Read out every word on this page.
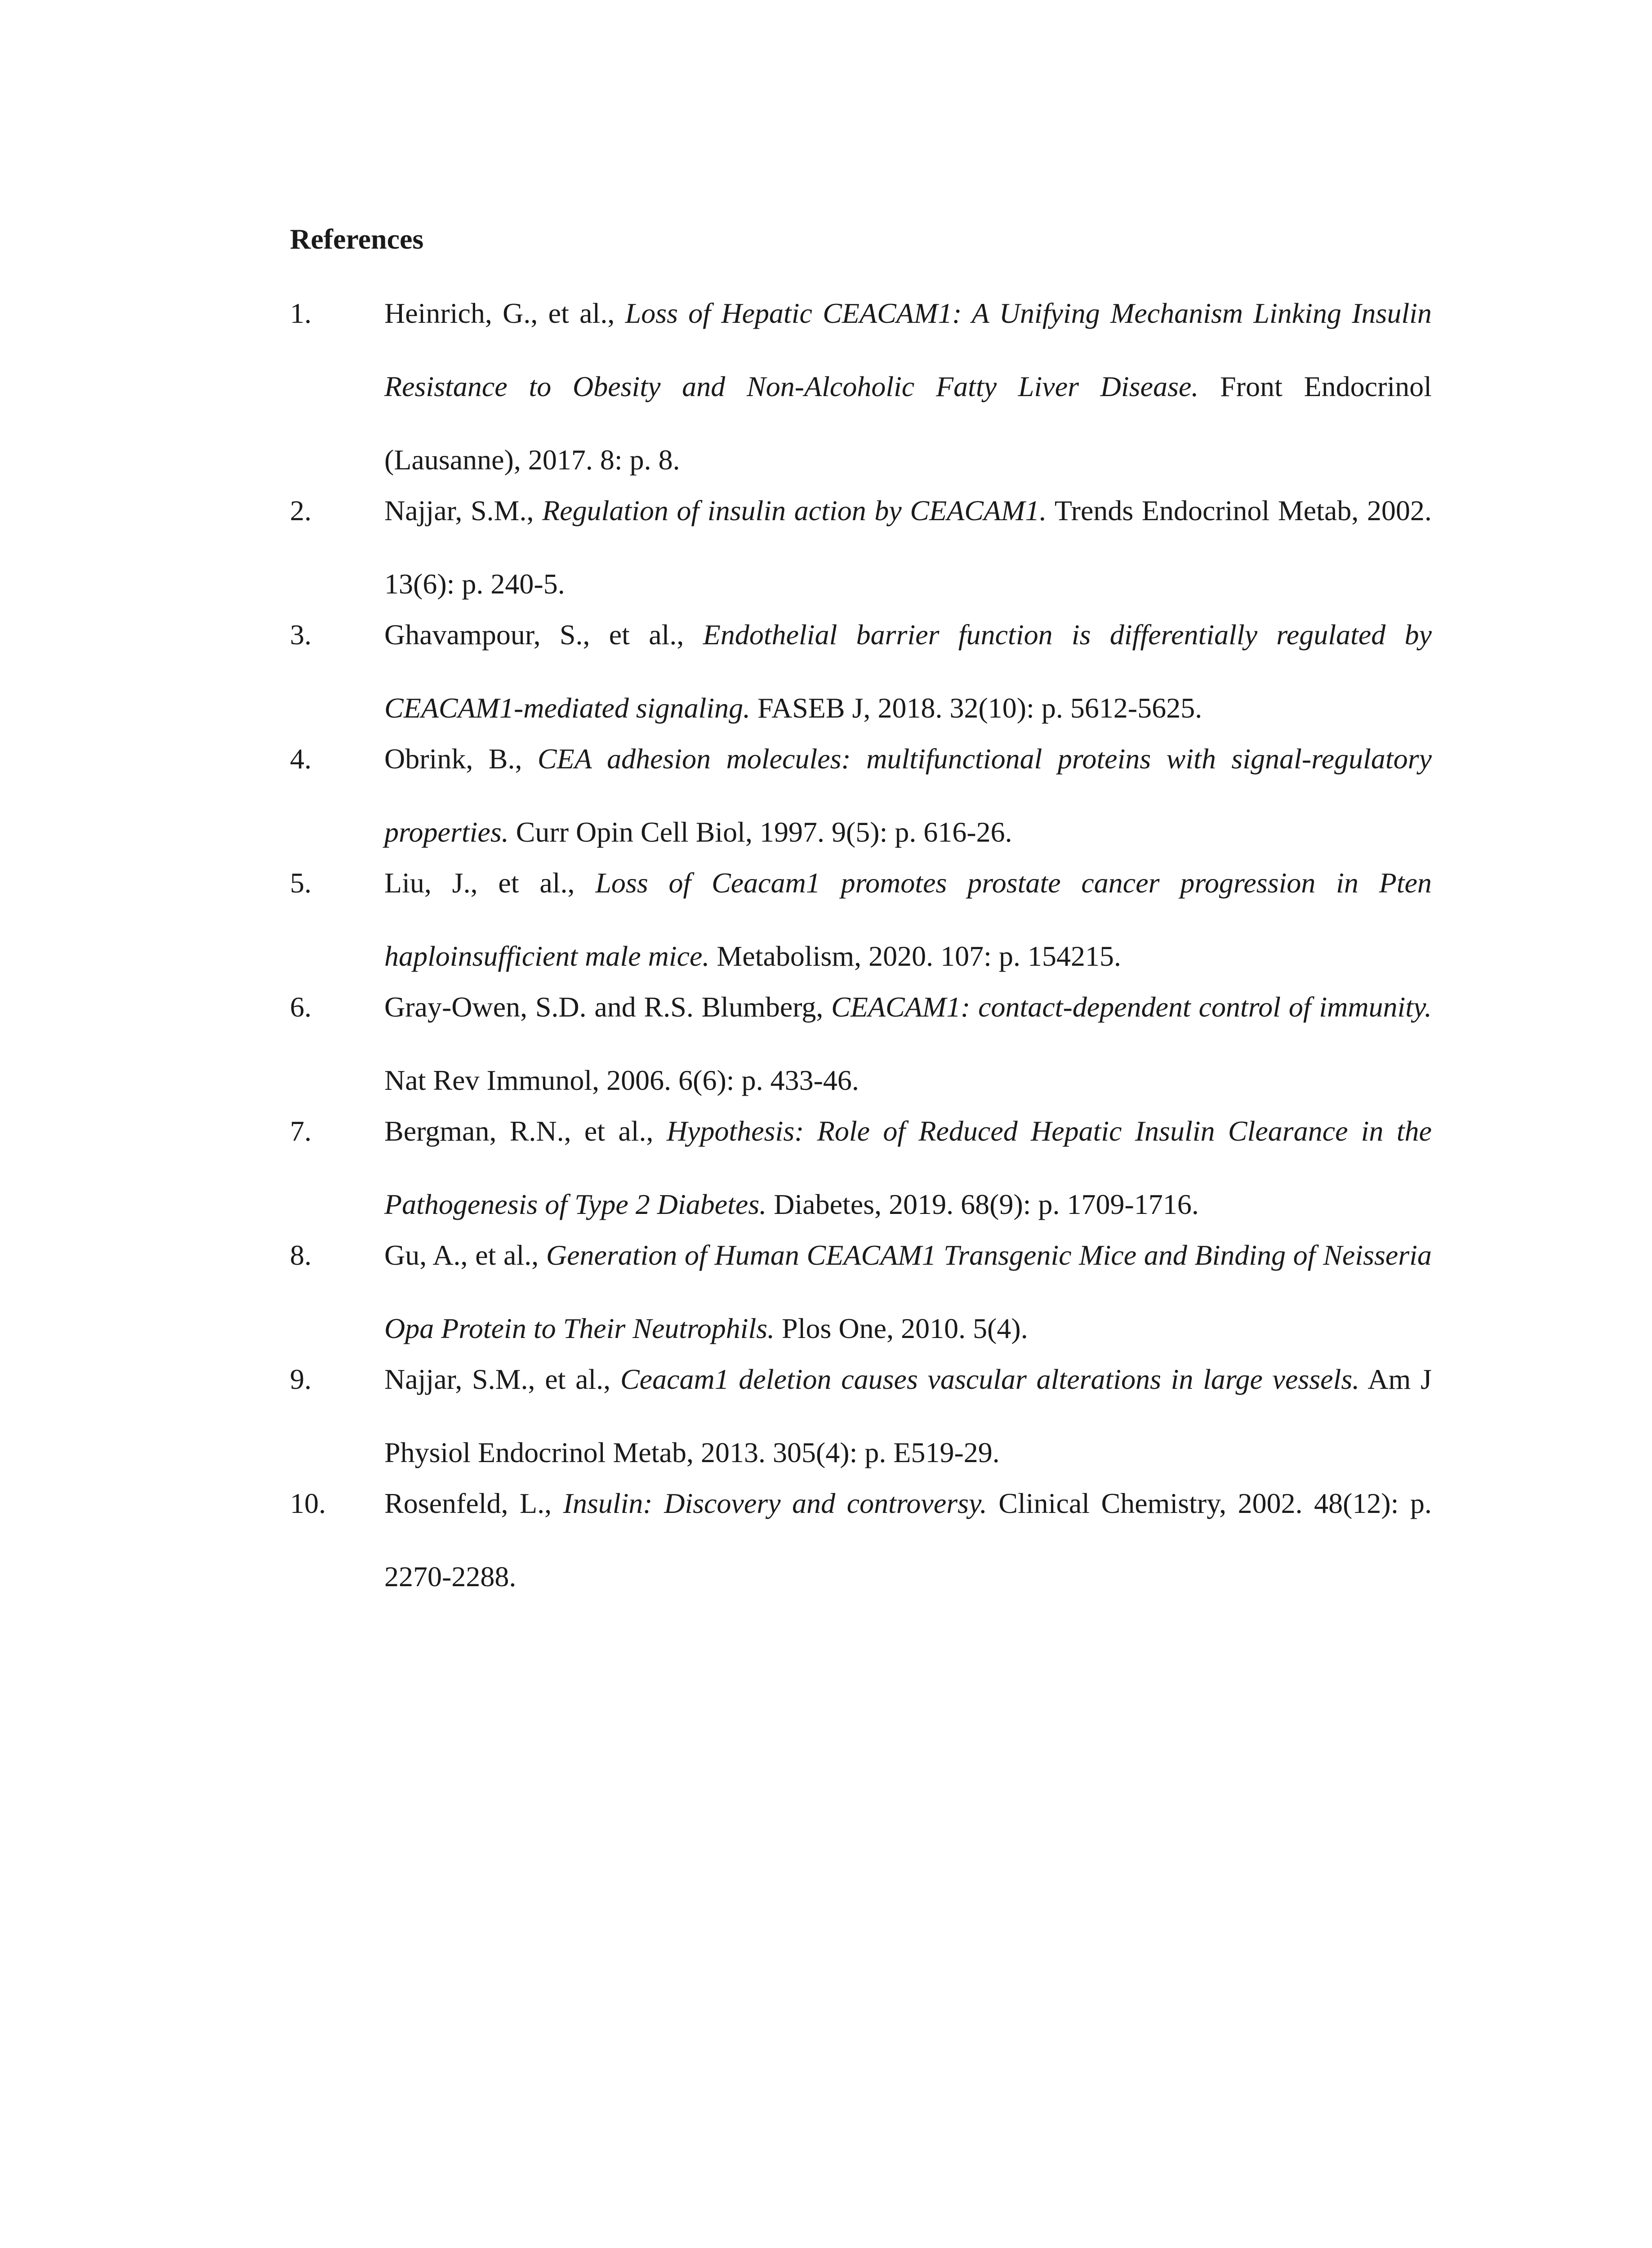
References
1.	Heinrich, G., et al., Loss of Hepatic CEACAM1: A Unifying Mechanism Linking Insulin Resistance to Obesity and Non-Alcoholic Fatty Liver Disease. Front Endocrinol (Lausanne), 2017. 8: p. 8.
2.	Najjar, S.M., Regulation of insulin action by CEACAM1. Trends Endocrinol Metab, 2002. 13(6): p. 240-5.
3.	Ghavampour, S., et al., Endothelial barrier function is differentially regulated by CEACAM1-mediated signaling. FASEB J, 2018. 32(10): p. 5612-5625.
4.	Obrink, B., CEA adhesion molecules: multifunctional proteins with signal-regulatory properties. Curr Opin Cell Biol, 1997. 9(5): p. 616-26.
5.	Liu, J., et al., Loss of Ceacam1 promotes prostate cancer progression in Pten haploinsufficient male mice. Metabolism, 2020. 107: p. 154215.
6.	Gray-Owen, S.D. and R.S. Blumberg, CEACAM1: contact-dependent control of immunity. Nat Rev Immunol, 2006. 6(6): p. 433-46.
7.	Bergman, R.N., et al., Hypothesis: Role of Reduced Hepatic Insulin Clearance in the Pathogenesis of Type 2 Diabetes. Diabetes, 2019. 68(9): p. 1709-1716.
8.	Gu, A., et al., Generation of Human CEACAM1 Transgenic Mice and Binding of Neisseria Opa Protein to Their Neutrophils. Plos One, 2010. 5(4).
9.	Najjar, S.M., et al., Ceacam1 deletion causes vascular alterations in large vessels. Am J Physiol Endocrinol Metab, 2013. 305(4): p. E519-29.
10.	Rosenfeld, L., Insulin: Discovery and controversy. Clinical Chemistry, 2002. 48(12): p. 2270-2288.
